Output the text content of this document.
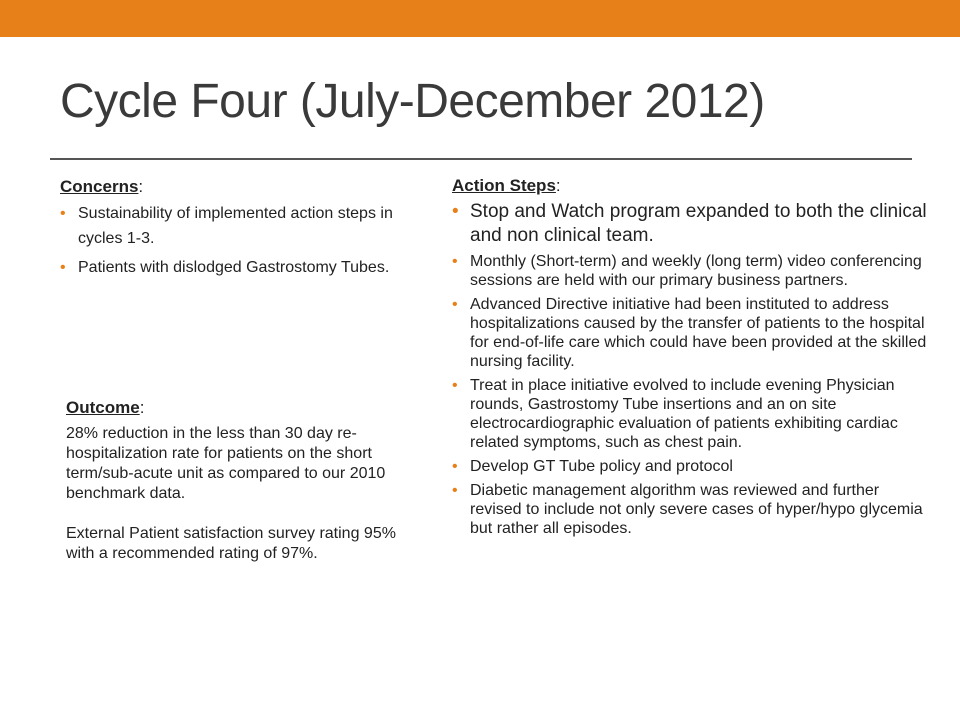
Cycle Four (July-December 2012)
Concerns:
• Sustainability of implemented action steps in cycles 1-3.
• Patients with dislodged Gastrostomy Tubes.
Outcome:

28% reduction in the less than 30 day re-hospitalization rate for patients on the short term/sub-acute unit as compared to our 2010 benchmark data.

External Patient satisfaction survey rating 95% with a recommended rating of 97%.

Action Steps:
• Stop and Watch program expanded to both the clinical and non clinical team.
• Monthly (Short-term) and weekly (long term) video conferencing sessions are held with our primary business partners.
• Advanced Directive initiative had been instituted to address hospitalizations caused by the transfer of patients to the hospital for end-of-life care which could have been provided at the skilled nursing facility.
• Treat in place initiative evolved to include evening Physician rounds, Gastrostomy Tube insertions and an on site electrocardiographic evaluation of patients exhibiting cardiac related symptoms, such as chest pain.
• Develop GT Tube policy and protocol
• Diabetic management algorithm was reviewed and further revised to include not only severe cases of hyper/hypo glycemia but rather all episodes.
